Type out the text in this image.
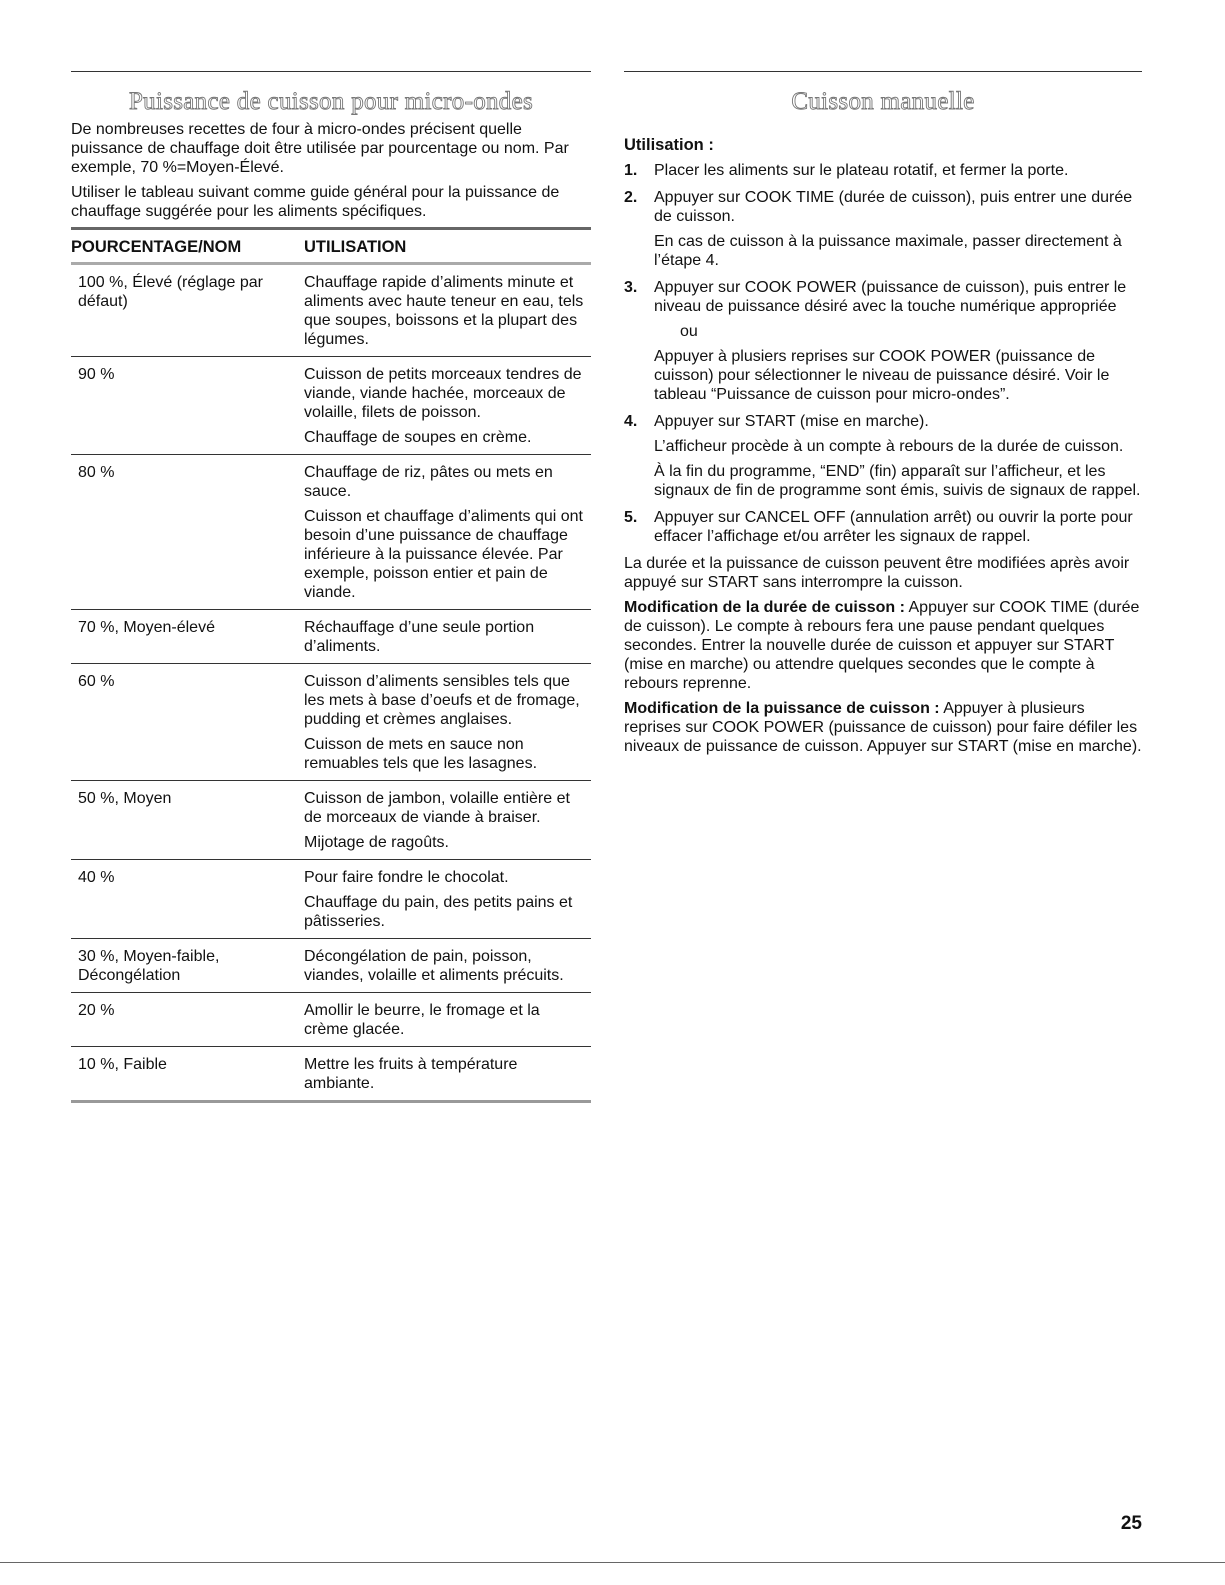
Puissance de cuisson pour micro-ondes	Cuisson manuelle

De nombreuses recettes de four à micro-ondes précisent quelle puissance de chauffage doit être utilisée par pourcentage ou nom. Par exemple, 70 %=Moyen-Élevé.

Utiliser le tableau suivant comme guide général pour la puissance de chauffage suggérée pour les aliments spécifiques.

POURCENTAGE/NOM	UTILISATION
100 %, Élevé (réglage par défaut)	Chauffage rapide d’aliments minute et aliments avec haute teneur en eau, tels que soupes, boissons et la plupart des légumes.

90 %	Cuisson de petits morceaux tendres de viande, viande hachée, morceaux de volaille, filets de poisson.
Chauffage de soupes en crème.

80 %	Chauffage de riz, pâtes ou mets en sauce.
Cuisson et chauffage d’aliments qui ont besoin d’une puissance de chauffage inférieure à la puissance élevée. Par exemple, poisson entier et pain de viande.

70 %, Moyen-élevé	Réchauffage d’une seule portion d’aliments.

60 %	Cuisson d’aliments sensibles tels que les mets à base d’oeufs et de fromage, pudding et crèmes anglaises.
Cuisson de mets en sauce non remuables tels que les lasagnes.

50 %, Moyen	Cuisson de jambon, volaille entière et de morceaux de viande à braiser.
Mijotage de ragoûts.

40 %	Pour faire fondre le chocolat.
Chauffage du pain, des petits pains et pâtisseries.

30 %, Moyen-faible, Décongélation	Décongélation de pain, poisson, viandes, volaille et aliments précuits.

20 %	Amollir le beurre, le fromage et la crème glacée.

10 %, Faible	Mettre les fruits à température ambiante.

Utilisation :

1. Placer les aliments sur le plateau rotatif, et fermer la porte.

2. Appuyer sur COOK TIME (durée de cuisson), puis entrer une durée de cuisson.

En cas de cuisson à la puissance maximale, passer directement à l’étape 4.

3. Appuyer sur COOK POWER (puissance de cuisson), puis entrer le niveau de puissance désiré avec la touche numérique appropriée

ou

Appuyer à plusiers reprises sur COOK POWER (puissance de cuisson) pour sélectionner le niveau de puissance désiré. Voir le tableau “Puissance de cuisson pour micro-ondes”.

4. Appuyer sur START (mise en marche).

L’afficheur procède à un compte à rebours de la durée de cuisson.

À la fin du programme, “END” (fin) apparaît sur l’afficheur, et les signaux de fin de programme sont émis, suivis de signaux de rappel.

5. Appuyer sur CANCEL OFF (annulation arrêt) ou ouvrir la porte pour effacer l’affichage et/ou arrêter les signaux de rappel.

La durée et la puissance de cuisson peuvent être modifiées après avoir appuyé sur START sans interrompre la cuisson.

Modification de la durée de cuisson : Appuyer sur COOK TIME (durée de cuisson). Le compte à rebours fera une pause pendant quelques secondes. Entrer la nouvelle durée de cuisson et appuyer sur START (mise en marche) ou attendre quelques secondes que le compte à rebours reprenne.

Modification de la puissance de cuisson : Appuyer à plusieurs reprises sur COOK POWER (puissance de cuisson) pour faire défiler les niveaux de puissance de cuisson. Appuyer sur START (mise en marche).

25
